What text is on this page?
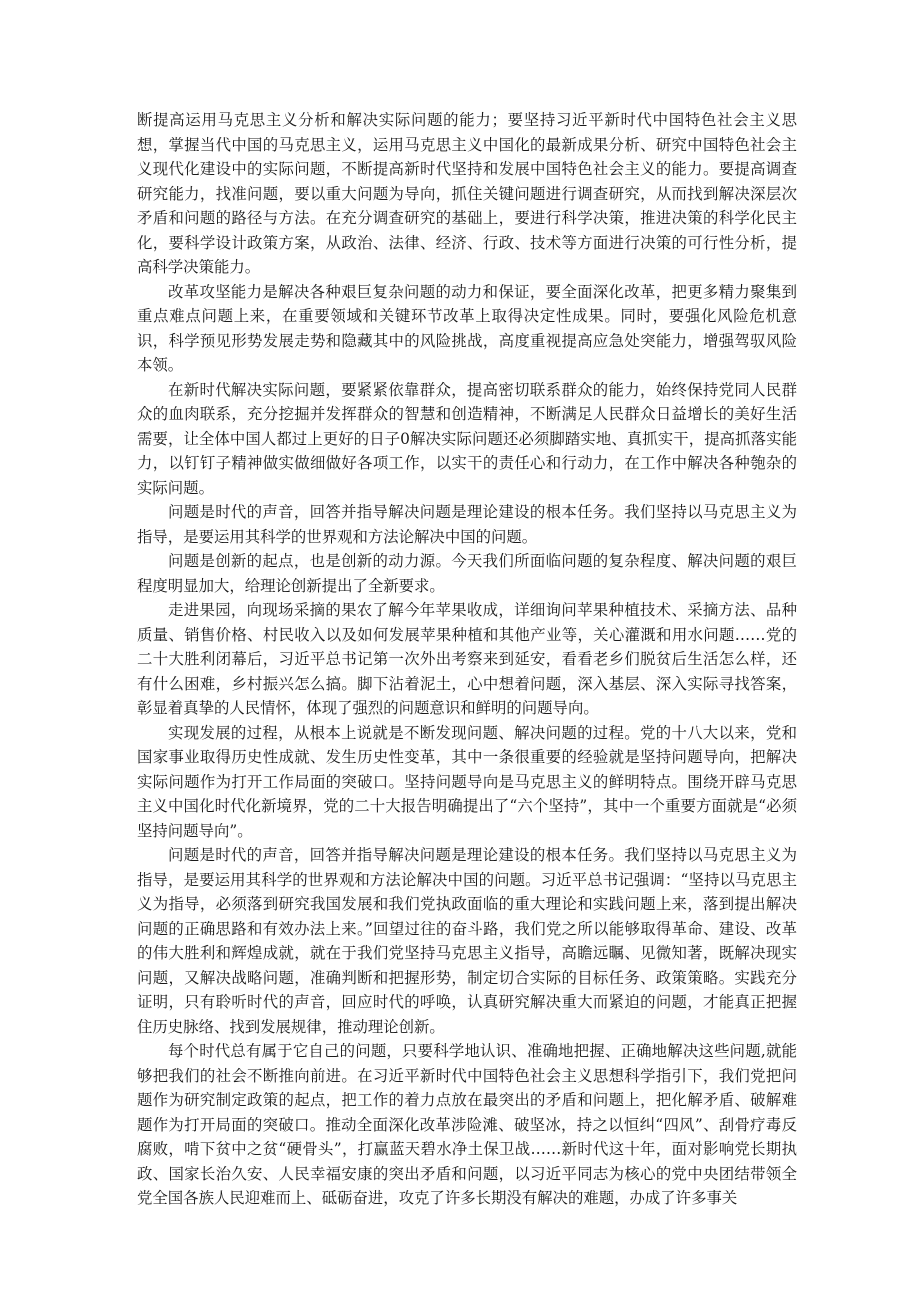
断提高运用马克思主义分析和解决实际问题的能力；要坚持习近平新时代中国特色社会主义思想，掌握当代中国的马克思主义，运用马克思主义中国化的最新成果分析、研究中国特色社会主义现代化建设中的实际问题，不断提高新时代坚持和发展中国特色社会主义的能力。要提高调查研究能力，找准问题，要以重大问题为导向，抓住关键问题进行调查研究，从而找到解决深层次矛盾和问题的路径与方法。在充分调查研究的基础上，要进行科学决策，推进决策的科学化民主化，要科学设计政策方案，从政治、法律、经济、行政、技术等方面进行决策的可行性分析，提高科学决策能力。

改革攻坚能力是解决各种艰巨复杂问题的动力和保证，要全面深化改革，把更多精力聚集到重点难点问题上来，在重要领域和关键环节改革上取得决定性成果。同时，要强化风险危机意识，科学预见形势发展走势和隐藏其中的风险挑战，高度重视提高应急处突能力，增强驾驭风险本领。

在新时代解决实际问题，要紧紧依靠群众，提高密切联系群众的能力，始终保持党同人民群众的血肉联系，充分挖掘并发挥群众的智慧和创造精神，不断满足人民群众日益增长的美好生活需要，让全体中国人都过上更好的日子0解决实际问题还必须脚踏实地、真抓实干，提高抓落实能力，以钉钉子精神做实做细做好各项工作，以实干的责任心和行动力，在工作中解决各种匏杂的实际问题。

问题是时代的声音，回答并指导解决问题是理论建设的根本任务。我们坚持以马克思主义为指导，是要运用其科学的世界观和方法论解决中国的问题。

问题是创新的起点，也是创新的动力源。今天我们所面临问题的复杂程度、解决问题的艰巨程度明显加大，给理论创新提出了全新要求。

走进果园，向现场采摘的果农了解今年苹果收成，详细询问苹果种植技术、采摘方法、品种质量、销售价格、村民收入以及如何发展苹果种植和其他产业等，关心灌溉和用水问题……党的二十大胜利闭幕后，习近平总书记第一次外出考察来到延安，看看老乡们脱贫后生活怎么样，还有什么困难，乡村振兴怎么搞。脚下沾着泥土，心中想着问题，深入基层、深入实际寻找答案，彰显着真挚的人民情怀，体现了强烈的问题意识和鲜明的问题导向。

实现发展的过程，从根本上说就是不断发现问题、解决问题的过程。党的十八大以来，党和国家事业取得历史性成就、发生历史性变革，其中一条很重要的经验就是坚持问题导向，把解决实际问题作为打开工作局面的突破口。坚持问题导向是马克思主义的鲜明特点。围绕开辟马克思主义中国化时代化新境界，党的二十大报告明确提出了“六个坚持”，其中一个重要方面就是“必须坚持问题导向”。

问题是时代的声音，回答并指导解决问题是理论建设的根本任务。我们坚持以马克思主义为指导，是要运用其科学的世界观和方法论解决中国的问题。习近平总书记强调：“坚持以马克思主义为指导，必须落到研究我国发展和我们党执政面临的重大理论和实践问题上来，落到提出解决问题的正确思路和有效办法上来。”回望过往的奋斗路，我们党之所以能够取得革命、建设、改革的伟大胜利和辉煌成就，就在于我们党坚持马克思主义指导，高瞻远瞩、见微知著，既解决现实问题，又解决战略问题，准确判断和把握形势，制定切合实际的目标任务、政策策略。实践充分证明，只有聆听时代的声音，回应时代的呼唤，认真研究解决重大而紧迫的问题，才能真正把握住历史脉络、找到发展规律，推动理论创新。

每个时代总有属于它自己的问题，只要科学地认识、准确地把握、正确地解决这些问题,就能够把我们的社会不断推向前进。在习近平新时代中国特色社会主义思想科学指引下，我们党把问题作为研究制定政策的起点，把工作的着力点放在最突出的矛盾和问题上，把化解矛盾、破解难题作为打开局面的突破口。推动全面深化改革涉险滩、破坚冰，持之以恒纠“四风”、刮骨疗毒反腐败，啃下贫中之贫“硬骨头”，打赢蓝天碧水净土保卫战……新时代这十年，面对影响党长期执政、国家长治久安、人民幸福安康的突出矛盾和问题，以习近平同志为核心的党中央团结带领全党全国各族人民迎难而上、砥砺奋进，攻克了许多长期没有解决的难题，办成了许多事关
